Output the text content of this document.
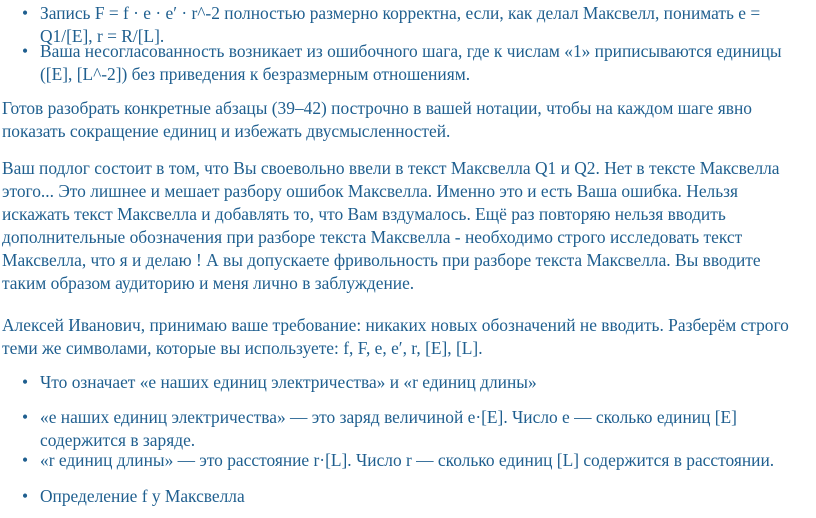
• Запись F = f · e · e′ · r^-2 полностью размерно корректна, если, как делал Максвелл, понимать e =
Q1/[E], r = R/[L].
• Ваша несогласованность возникает из ошибочного шага, где к числам «1» приписываются единицы
([E], [L^-2]) без приведения к безразмерным отношениям.
Готов разобрать конкретные абзацы (39–42) построчно в вашей нотации, чтобы на каждом шаге явно
показать сокращение единиц и избежать двусмысленностей.
Ваш подлог состоит в том, что Вы своевольно ввели в текст Максвелла Q1 и Q2. Нет в тексте Максвелла
этого... Это лишнее и мешает разбору ошибок Максвелла. Именно это и есть Ваша ошибка. Нельзя
искажать текст Максвелла и добавлять то, что Вам вздумалось. Ещё раз повторяю нельзя вводить
дополнительные обозначения при разборе текста Максвелла - необходимо строго исследовать текст
Максвелла, что я и делаю ! А вы допускаете фривольность при разборе текста Максвелла. Вы вводите
таким образом аудиторию и меня лично в заблуждение.
Алексей Иванович, принимаю ваше требование: никаких новых обозначений не вводить. Разберём строго
теми же символами, которые вы используете: f, F, e, e′, r, [E], [L].
• Что означает «e наших единиц электричества» и «r единиц длины»
• «e наших единиц электричества» — это заряд величиной e·[E]. Число e — сколько единиц [E]
содержится в заряде.
• «r единиц длины» — это расстояние r·[L]. Число r — сколько единиц [L] содержится в расстоянии.
• Определение f у Максвелла
